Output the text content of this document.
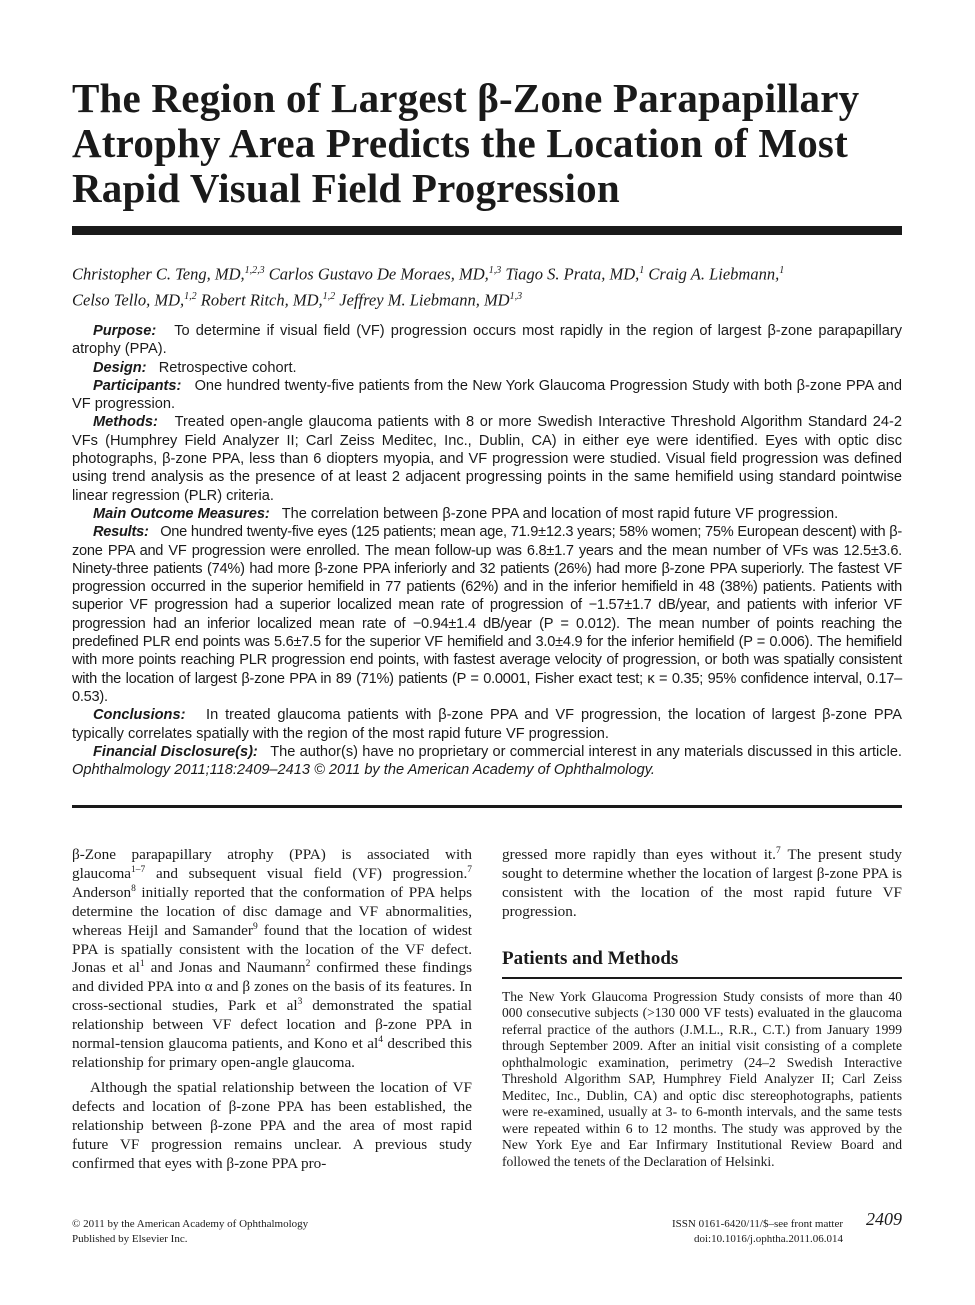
The Region of Largest β-Zone Parapapillary Atrophy Area Predicts the Location of Most Rapid Visual Field Progression
Christopher C. Teng, MD,$^{1,2,3}$ Carlos Gustavo De Moraes, MD,$^{1,3}$ Tiago S. Prata, MD,$^1$ Craig A. Liebmann,$^1$
Celso Tello, MD,$^{1,2}$ Robert Ritch, MD,$^{1,2}$ Jeffrey M. Liebmann, MD$^{1,3}$

Purpose: To determine if visual field (VF) progression occurs most rapidly in the region of largest β-zone parapapillary atrophy (PPA).

Design: Retrospective cohort.

Participants: One hundred twenty-five patients from the New York Glaucoma Progression Study with both β-zone PPA and VF progression.

Methods: Treated open-angle glaucoma patients with 8 or more Swedish Interactive Threshold Algorithm Standard 24-2 VFs (Humphrey Field Analyzer II; Carl Zeiss Meditec, Inc., Dublin, CA) in either eye were identified. Eyes with optic disc photographs, β-zone PPA, less than 6 diopters myopia, and VF progression were studied. Visual field progression was defined using trend analysis as the presence of at least 2 adjacent progressing points in the same hemifield using standard pointwise linear regression (PLR) criteria.

Main Outcome Measures: The correlation between β-zone PPA and location of most rapid future VF progression.

Results: One hundred twenty-five eyes (125 patients; mean age, 71.9±12.3 years; 58% women; 75% European descent) with β-zone PPA and VF progression were enrolled. The mean follow-up was 6.8±1.7 years and the mean number of VFs was 12.5±3.6. Ninety-three patients (74%) had more β-zone PPA inferiorly and 32 patients (26%) had more β-zone PPA superiorly. The fastest VF progression occurred in the superior hemifield in 77 patients (62%) and in the inferior hemifield in 48 (38%) patients. Patients with superior VF progression had a superior localized mean rate of progression of −1.57±1.7 dB/year, and patients with inferior VF progression had an inferior localized mean rate of −0.94±1.4 dB/year (P = 0.012). The mean number of points reaching the predefined PLR end points was 5.6±7.5 for the superior VF hemifield and 3.0±4.9 for the inferior hemifield (P = 0.006). The hemifield with more points reaching PLR progression end points, with fastest average velocity of progression, or both was spatially consistent with the location of largest β-zone PPA in 89 (71%) patients (P = 0.0001, Fisher exact test; κ = 0.35; 95% confidence interval, 0.17–0.53).

Conclusions: In treated glaucoma patients with β-zone PPA and VF progression, the location of largest β-zone PPA typically correlates spatially with the region of the most rapid future VF progression.

Financial Disclosure(s): The author(s) have no proprietary or commercial interest in any materials discussed in this article. Ophthalmology 2011;118:2409–2413 © 2011 by the American Academy of Ophthalmology.

β-Zone parapapillary atrophy (PPA) is associated with glaucoma$^{1-7}$ and subsequent visual field (VF) progression.$^7$ Anderson$^8$ initially reported that the conformation of PPA helps determine the location of disc damage and VF abnormalities, whereas Heijl and Samander$^9$ found that the location of widest PPA is spatially consistent with the location of the VF defect. Jonas et $al^1$ and Jonas and Naumann$^2$ confirmed these findings and divided PPA into α and β zones on the basis of its features. In cross-sectional studies, Park et $al^3$ demonstrated the spatial relationship between VF defect location and β-zone PPA in normal-tension glaucoma patients, and Kono et $al^4$ described this relationship for primary open-angle glaucoma.

Although the spatial relationship between the location of VF defects and location of β-zone PPA has been established, the relationship between β-zone PPA and the area of most rapid future VF progression remains unclear. A previous study confirmed that eyes with β-zone PPA pro-

gressed more rapidly than eyes without it.$^7$ The present study sought to determine whether the location of largest β-zone PPA is consistent with the location of the most rapid future VF progression.

Patients and Methods

The New York Glaucoma Progression Study consists of more than 40 000 consecutive subjects (>130 000 VF tests) evaluated in the glaucoma referral practice of the authors (J.M.L., R.R., C.T.) from January 1999 through September 2009. After an initial visit consisting of a complete ophthalmologic examination, perimetry (24–2 Swedish Interactive Threshold Algorithm SAP, Humphrey Field Analyzer II; Carl Zeiss Meditec, Inc., Dublin, CA) and optic disc stereophotographs, patients were re-examined, usually at 3- to 6-month intervals, and the same tests were repeated within 6 to 12 months. The study was approved by the New York Eye and Ear Infirmary Institutional Review Board and followed the tenets of the Declaration of Helsinki.

© 2011 by the American Academy of Ophthalmology
Published by Elsevier Inc.
ISSN 0161-6420/11/$–see front matter
doi:10.1016/j.ophtha.2011.06.014
2409
